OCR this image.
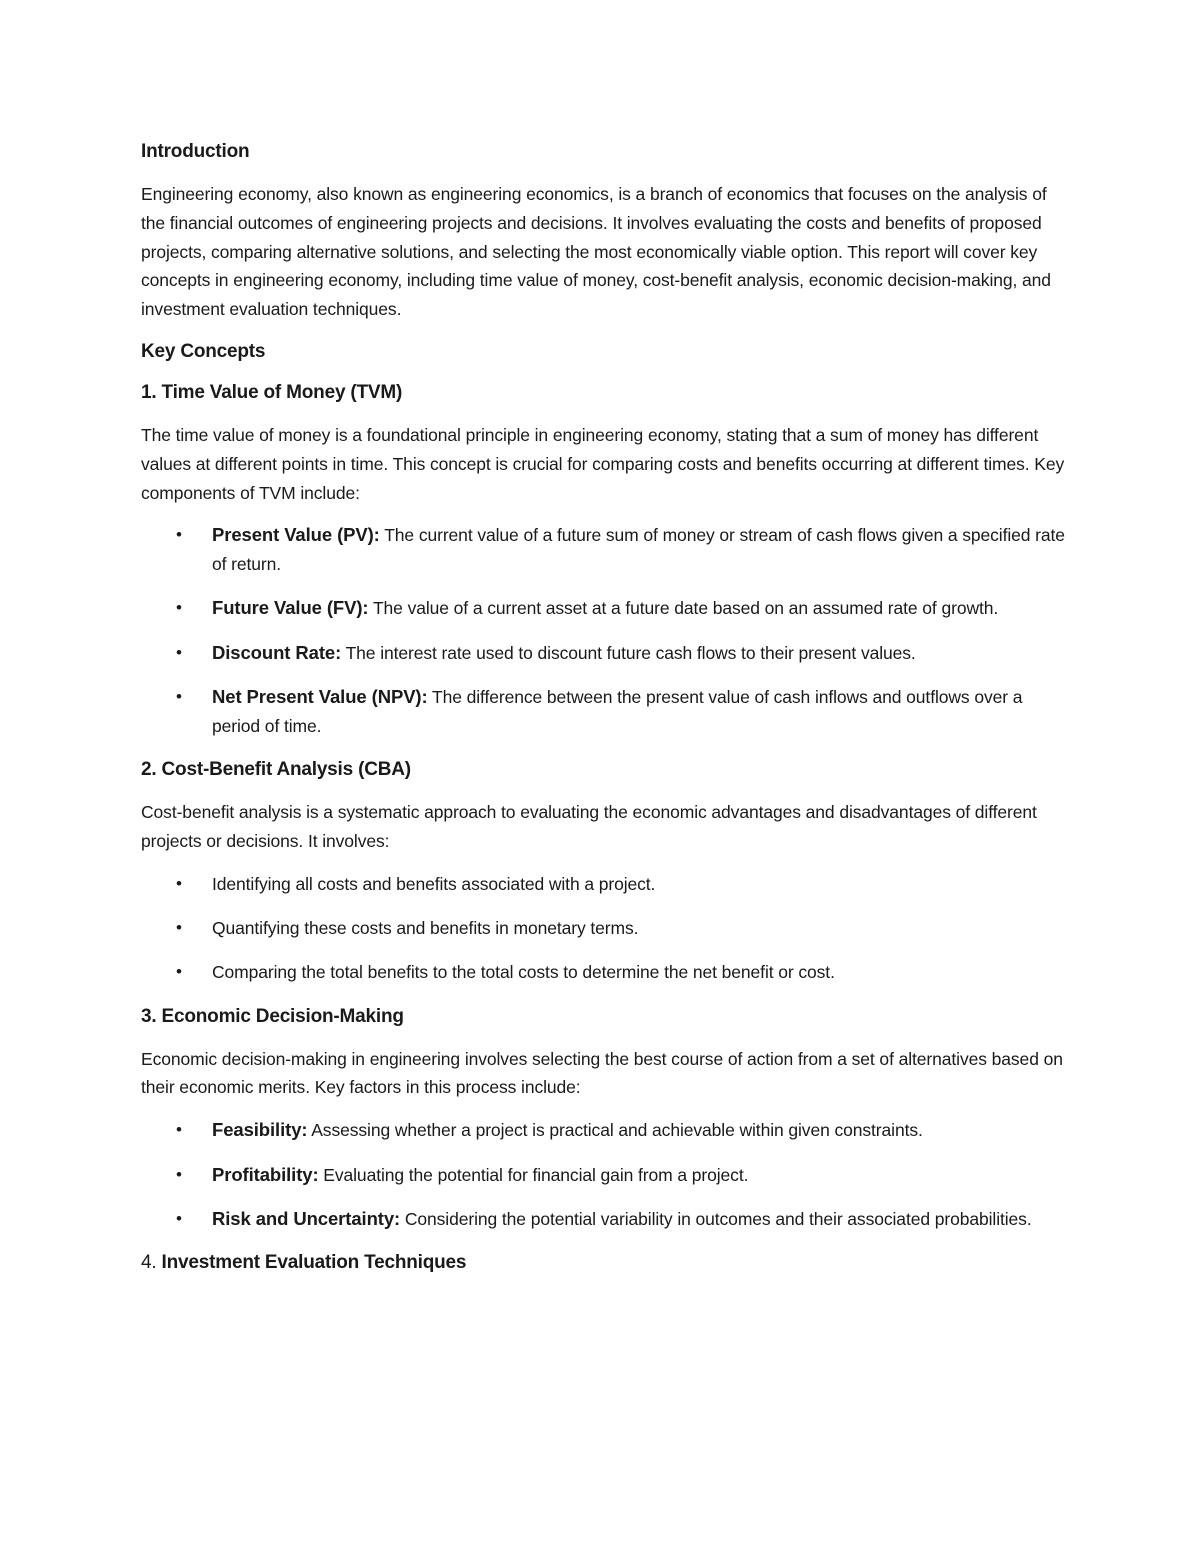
Introduction

Engineering economy, also known as engineering economics, is a branch of economics that focuses on the analysis of the financial outcomes of engineering projects and decisions. It involves evaluating the costs and benefits of proposed projects, comparing alternative solutions, and selecting the most economically viable option. This report will cover key concepts in engineering economy, including time value of money, cost-benefit analysis, economic decision-making, and investment evaluation techniques.

Key Concepts
1. Time Value of Money (TVM)

The time value of money is a foundational principle in engineering economy, stating that a sum of money has different values at different points in time. This concept is crucial for comparing costs and benefits occurring at different times. Key components of TVM include:

• Present Value (PV): The current value of a future sum of money or stream of cash flows given a specified rate of return.
• Future Value (FV): The value of a current asset at a future date based on an assumed rate of growth.
• Discount Rate: The interest rate used to discount future cash flows to their present values.
• Net Present Value (NPV): The difference between the present value of cash inflows and outflows over a period of time.
2. Cost-Benefit Analysis (CBA)

Cost-benefit analysis is a systematic approach to evaluating the economic advantages and disadvantages of different projects or decisions. It involves:

• Identifying all costs and benefits associated with a project.
• Quantifying these costs and benefits in monetary terms.
• Comparing the total benefits to the total costs to determine the net benefit or cost.
3. Economic Decision-Making

Economic decision-making in engineering involves selecting the best course of action from a set of alternatives based on their economic merits. Key factors in this process include:

• Feasibility: Assessing whether a project is practical and achievable within given constraints.
• Profitability: Evaluating the potential for financial gain from a project.
• Risk and Uncertainty: Considering the potential variability in outcomes and their associated probabilities.
4. Investment Evaluation Techniques
